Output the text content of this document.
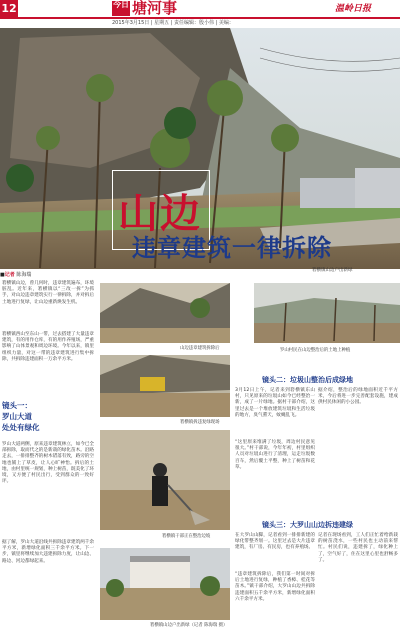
12	今日 塘河事	温岭日报
2015年3月15日 | 星期五 | 责任编辑：殷小伟 | 美编：
山边
违章建筑一律拆除
箬横镇山边户出新绿
■记者 陈海瑞
箬横镇山边，曾几何时，违章建筑遍布，环境脏乱。近年来，箬横镇以“三改一拆”为抓手，对山边违章建筑实行一律拆除，并对拆后土地进行复绿，让山边重新焕发生机。
镜头一：
罗山大道
处处有绿化
箬横镇西山至东山一带，过去搭建了大量违章建筑，有的用作仓库，有的用作养殖场，严重影响了山体景观和周边环境。今年以来，镇里组织力量，对这一带的违章建筑进行集中拆除，共拆除违建面积一万余平方米。
罗山大道两侧，原来违章建筑林立，如今已全部拆除，取而代之的是新栽的绿化苗木。沿路走去，一排排整齐的树木错落有致，路旁的空地也铺上了草皮，让人心旷神怡。拆后的土地，由村里统一规划，种上树苗，既美化了环境，又方便了村民出行，受到群众的一致好评。
据了解，罗山大道沿线共拆除违章建筑两千余平方米，新增绿化面积三千余平方米。下一步，镇里将继续加大违建拆除力度，让山边、路边、河边都绿起来。
山边违章建筑拆除后	罗山村民在山边整治后的土地上种植
箬横镇拆违复绿现场
箬横镇干部正在整治边坡
箬横镇山边户出新绿（记者 陈海瑞 摄）
镜头二：垃圾山整治后成绿地
3月12日上午，记者来到箬横镇东山村，只见原来的垃圾山如今已经整治一新，成了一片绿地。据村干部介绍，这里过去是一个堆放建筑垃圾和生活垃圾的地方，臭气熏天，蚊蝇乱飞。
“这里原来堆满了垃圾，周边村民意见很大。”村干部说，今年年初，村里组织人员对垃圾山进行了清理，运走垃圾数百车，然后覆土平整，种上了树苗和花草。
据介绍，整治后的绿地面积近千平方米，今后将进一步完善配套设施，建成供村民休闲的小公园。
镜头三：大罗山山边拆违建绿
在大罗山山脚，记者看到一排排新建的绿化带整齐划一。这里过去是大片违章建筑，有厂房、有民房，也有养殖场。
“违章建筑拆除后，我们第一时间对拆后土地进行复绿，种植了香樟、桂花等苗木。”镇干部介绍，大罗山山边共拆除违建面积五千余平方米，新增绿化面积六千余平方米。
记者在现场看到，工人们正忙着给新栽的树苗浇水，一些村民也主动前来帮忙。村民们说，违建拆了，绿化种上了，空气好了，住在这里心里也舒畅多了。
